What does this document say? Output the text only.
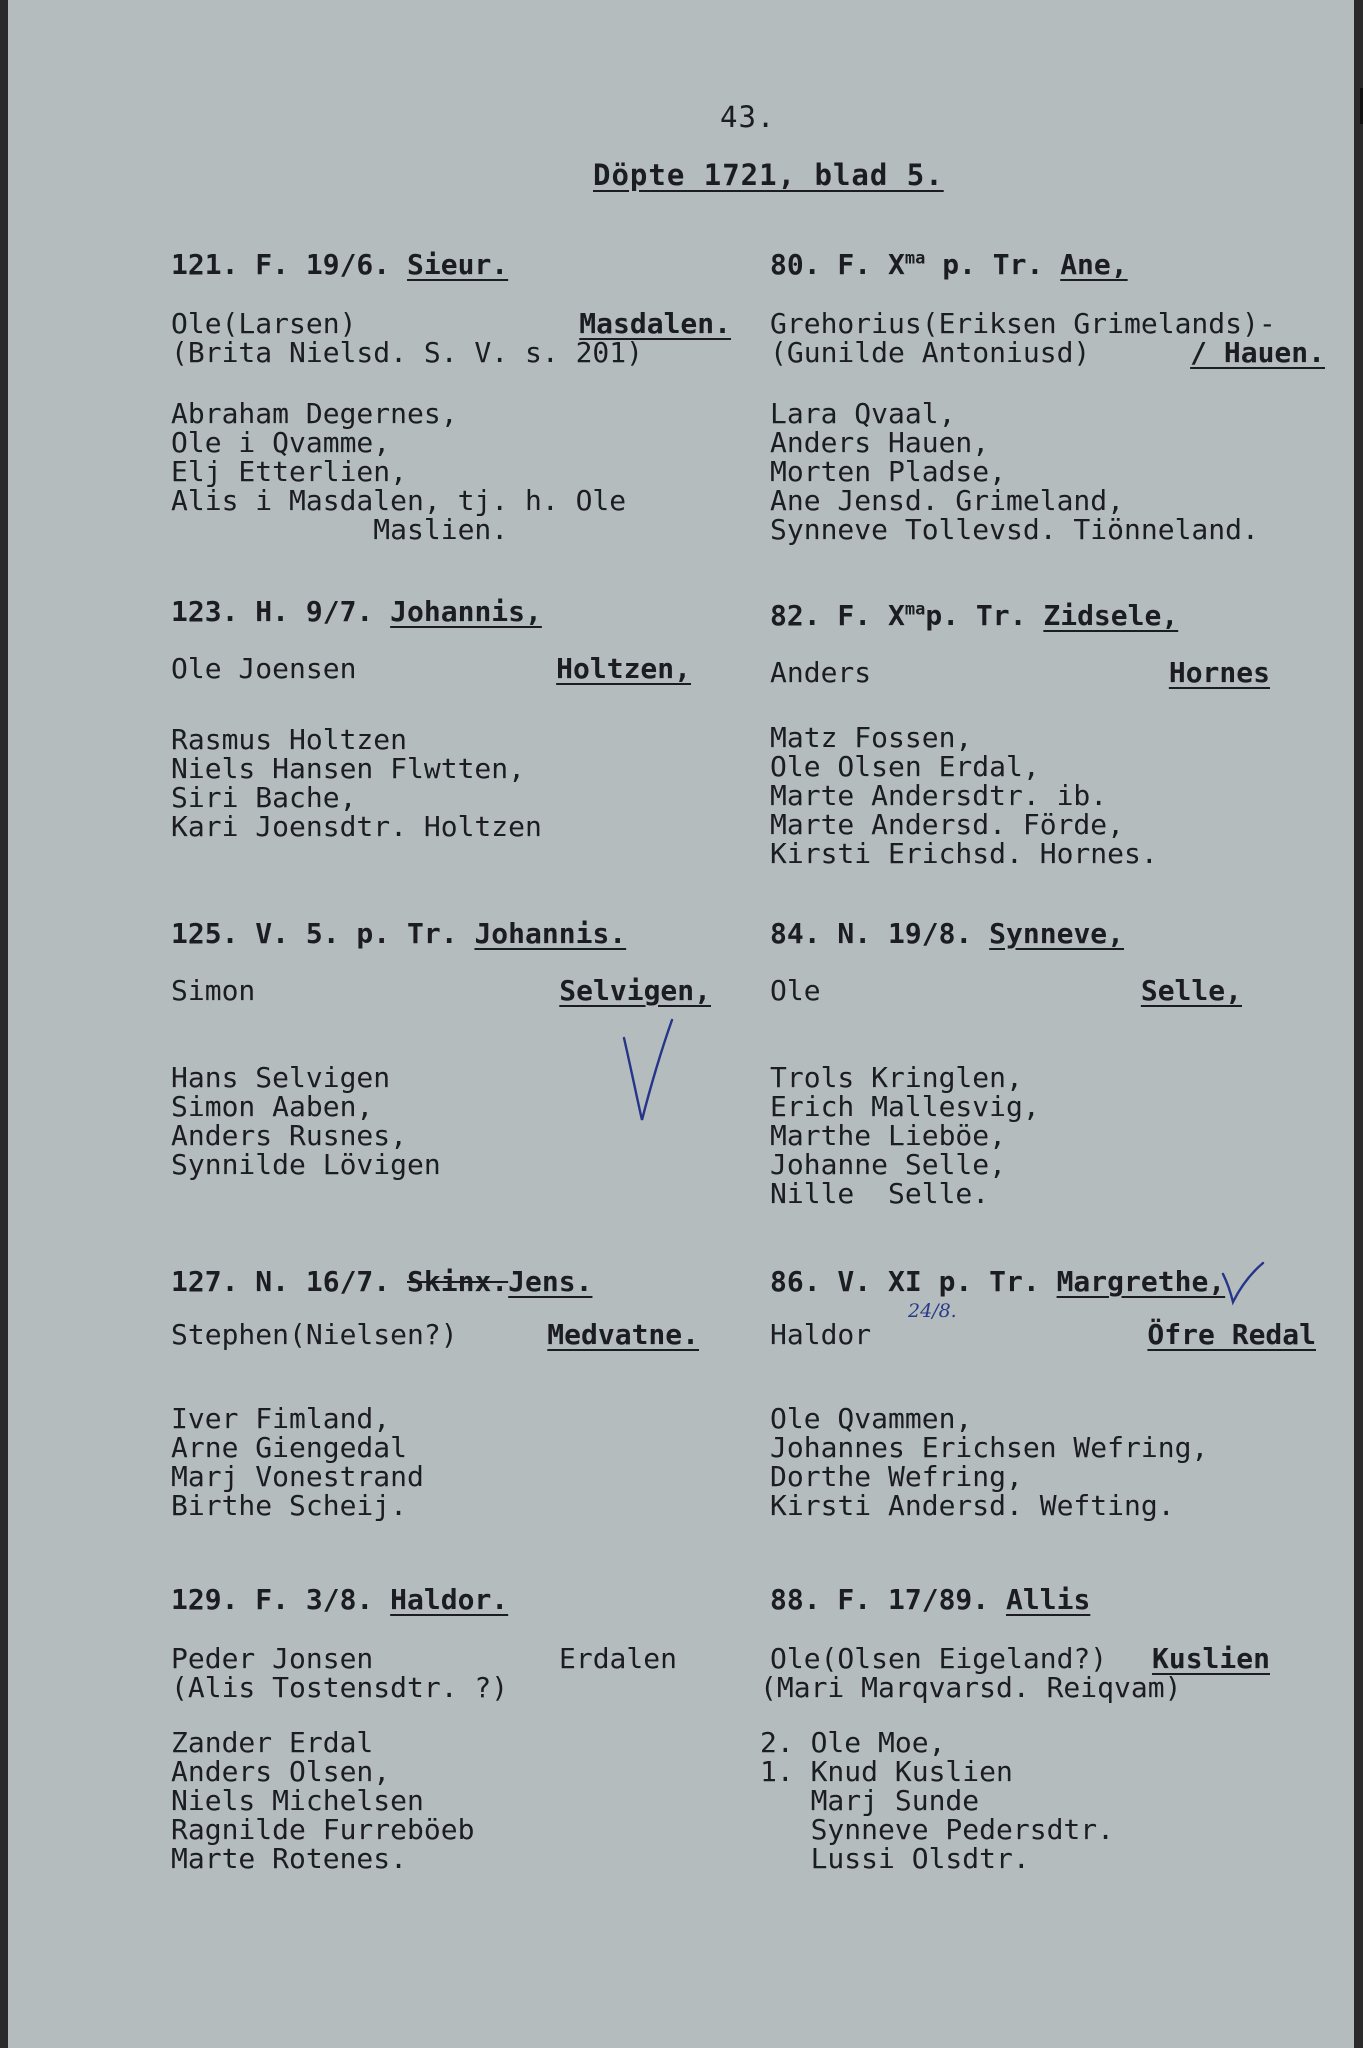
43.
Döpte 1721, blad 5.
121. F. 19/6. Sieur.
Ole(Larsen)	Masdalen.
(Brita Nielsd. S. V. s. 201)
Abraham Degernes,
Ole i Qvamme,
Elj Etterlien,
Alis i Masdalen, tj. h. Ole
Maslien.
123. H. 9/7. Johannis,
Ole Joensen	Holtzen,
Rasmus Holtzen
Niels Hansen Flwtten,
Siri Bache,
Kari Joensdtr. Holtzen
125. V. 5. p. Tr. Johannis.
Simon	Selvigen,
Hans Selvigen
Simon Aaben,
Anders Rusnes,
Synnilde Lövigen
127. N. 16/7. Skinx.Jens.
Stephen(Nielsen?)	Medvatne.
Iver Fimland,
Arne Giengedal
Marj Vonestrand
Birthe Scheij.
129. F. 3/8. Haldor.
Peder Jonsen	Erdalen
(Alis Tostensdtr. ?)
Zander Erdal
Anders Olsen,
Niels Michelsen
Ragnilde Furreböeb
Marte Rotenes.
80. F. $X^{ma}$ p. Tr. Ane,
Grehorius(Eriksen Grimelands)-
(Gunilde Antoniusd)	/ Hauen.
Lara Qvaal,
Anders Hauen,
Morten Pladse,
Ane Jensd. Grimeland,
Synneve Tollevsd. Tiönneland.
82. F. $X^{ma}p$. Tr. Zidsele,
Anders	Hornes
Matz Fossen,
Ole Olsen Erdal,
Marte Andersdtr. ib.
Marte Andersd. Förde,
Kirsti Erichsd. Hornes.
84. N. 19/8. Synneve,
Ole	Selle,
Trols Kringlen,
Erich Mallesvig,
Marthe Lieböe,
Johanne Selle,
Nille  Selle.
86. V. XI p. Tr. Margrethe,
Haldor	Öfre Redal
Ole Qvammen,
Johannes Erichsen Wefring,
Dorthe Wefring,
Kirsti Andersd. Wefting.
24/8.
88. F. 17/89. Allis
Ole(Olsen Eigeland?) Kuslien
(Mari Marqvarsd. Reiqvam)
2. Ole Moe,
1. Knud Kuslien
Marj Sunde
Synneve Pedersdtr.
Lussi Olsdtr.
